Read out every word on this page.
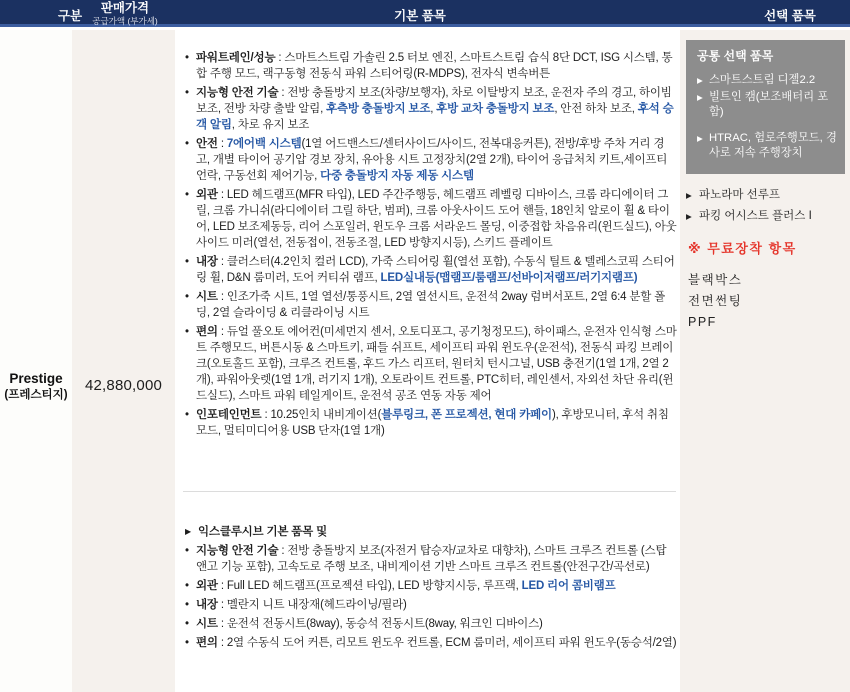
구분
판매가격
공급가액 (부가세)	기본 품목	선택 품목
Prestige
(프레스티지)
42,880,000
• 파워트레인/성능 : 스마트스트림 가솔린 2.5 터보 엔진, 스마트스트림 습식 8단 DCT, ISG 시스템, 통합 주행 모드, 랙구동형 전동식 파워 스티어링(R-MDPS), 전자식 변속버튼
• 지능형 안전 기술 : 전방 충돌방지 보조(차량/보행자), 차로 이탈방지 보조, 운전자 주의 경고, 하이빔 보조, 전방 차량 출발 알림, 후측방 충돌방지 보조, 후방 교차 충돌방지 보조, 안전 하차 보조, 후석 승객 알림, 차로 유지 보조
• 안전 : 7에어백 시스템(1열 어드밴스드/센터사이드/사이드, 전복대응커튼), 전방/후방 주차 거리 경고, 개별 타이어 공기압 경보 장치, 유아용 시트 고정장치(2열 2개), 타이어 응급처치 키트,세이프티 언락, 구동선회 제어기능, 다중 충돌방지 자동 제동 시스템
• 외관 : LED 헤드램프(MFR 타입), LED 주간주행등, 헤드램프 레벨링 디바이스, 크롬 라디에이터 그릴, 크롬 가니쉬(라디에이터 그릴 하단, 범퍼), 크롬 아웃사이드 도어 핸들, 18인치 알로이 휠 & 타이어, LED 보조제동등, 리어 스포일러, 윈도우 크롬 서라운드 몰딩, 이중접합 차음유리(윈드실드), 아웃사이드 미러(열선, 전동접이, 전동조절, LED 방향지시등), 스키드 플레이트
• 내장 : 클러스터(4.2인치 컬러 LCD), 가죽 스티어링 휠(열선 포함), 수동식 틸트 & 텔레스코픽 스티어링 휠, D&N 룸미러, 도어 커티쉬 램프, LED실내등(맵램프/룸램프/선바이저램프/러기지램프)
• 시트 : 인조가죽 시트, 1열 열선/통풍시트, 2열 열선시트, 운전석 2way 럼버서포트, 2열 6:4 분할 폴딩, 2열 슬라이딩 & 리클라이닝 시트
• 편의 : 듀얼 풀오토 에어컨(미세먼지 센서, 오토디포그, 공기청정모드), 하이패스, 운전자 인식형 스마트 주행모드, 버튼시동 & 스마트키, 패들 쉬프트, 세이프티 파워 윈도우(운전석), 전동식 파킹 브레이크(오토홀드 포함), 크루즈 컨트롤, 후드 가스 리프터, 원터치 턴시그널, USB 충전기(1열 1개, 2열 2개), 파워아웃렛(1열 1개, 러기지 1개), 오토라이트 컨트롤, PTC히터, 레인센서, 자외선 차단 유리(윈드실드), 스마트 파워 테일게이트, 운전석 공조 연동 자동 제어
• 인포테인먼트 : 10.25인치 내비게이션(블루링크, 폰 프로젝션, 현대 카페이), 후방모니터, 후석 취침모드, 멀티미디어용 USB 단자(1열 1개)
▶ 익스클루시브 기본 품목 및
• 지능형 안전 기술 : 전방 충돌방지 보조(자전거 탑승자/교차로 대향차), 스마트 크루즈 컨트롤 (스탑앤고 기능 포함), 고속도로 주행 보조, 내비게이션 기반 스마트 크루즈 컨트롤(안전구간/곡선로)
• 외관 : Full LED 헤드램프(프로젝션 타입), LED 방향지시등, 루프랙, LED 리어 콤비램프
• 내장 : 멜란지 니트 내장재(헤드라이닝/필라)
• 시트 : 운전석 전동시트(8way), 동승석 전동시트(8way, 워크인 디바이스)
• 편의 : 2열 수동식 도어 커튼, 리모트 윈도우 컨트롤, ECM 룸미러, 세이프티 파워 윈도우(동승석/2열)
공통 선택 품목
▶ 스마트스트림 디젤2.2
▶ 빌트인 캠(보조배터리 포함)
▶ HTRAC, 험로주행모드, 경사로 저속 주행장치
▶ 파노라마 선루프
▶ 파킹 어시스트 플러스 I
※ 무료장착 항목
블랙박스
전면썬팅
PPF
